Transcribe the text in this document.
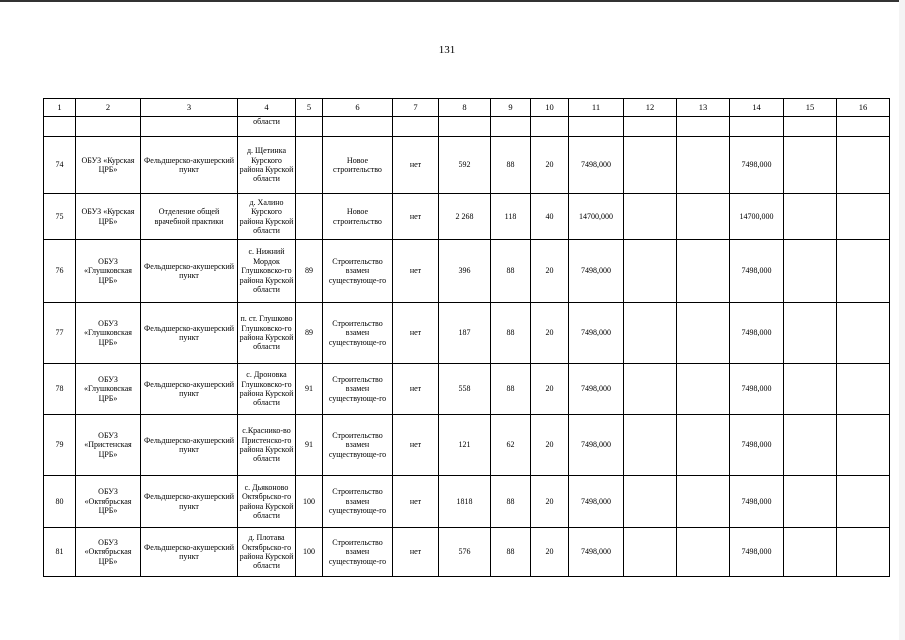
131
1	2	3	4	5	6	7	8	9	10	11	12	13	14	15	16
			области												
74	ОБУЗ «Курская ЦРБ»	Фельдшерско-акушерский пункт	д. Щетинка Курского района Курской области		Новое строительство	нет	592	88	20	7498,000			7498,000		
75	ОБУЗ «Курская ЦРБ»	Отделение общей врачебной практики	д. Халино Курского района Курской области		Новое строительство	нет	2 268	118	40	14700,000			14700,000		
76	ОБУЗ «Глушковская ЦРБ»	Фельдшерско-акушерский пункт	с. Нижний Мордок Глушковско-го района Курской области	89	Строительство взамен существующе-го	нет	396	88	20	7498,000			7498,000		
77	ОБУЗ «Глушковская ЦРБ»	Фельдшерско-акушерский пункт	п. ст. Глушково Глушковско-го района Курской области	89	Строительство взамен существующе-го	нет	187	88	20	7498,000			7498,000		
78	ОБУЗ «Глушковская ЦРБ»	Фельдшерско-акушерский пункт	с. Дроновка Глушковско-го района Курской области	91	Строительство взамен существующе-го	нет	558	88	20	7498,000			7498,000		
79	ОБУЗ «Пристенская ЦРБ»	Фельдшерско-акушерский пункт	с.Краснико-во Пристенско-го района Курской области	91	Строительство взамен существующе-го	нет	121	62	20	7498,000			7498,000		
80	ОБУЗ «Октябрьская ЦРБ»	Фельдшерско-акушерский пункт	с. Дьяконово Октябрьско-го района Курской области	100	Строительство взамен существующе-го	нет	1818	88	20	7498,000			7498,000		
81	ОБУЗ «Октябрьская ЦРБ»	Фельдшерско-акушерский пункт	д. Плотава Октябрьско-го района Курской области	100	Строительство взамен существующе-го	нет	576	88	20	7498,000			7498,000		
